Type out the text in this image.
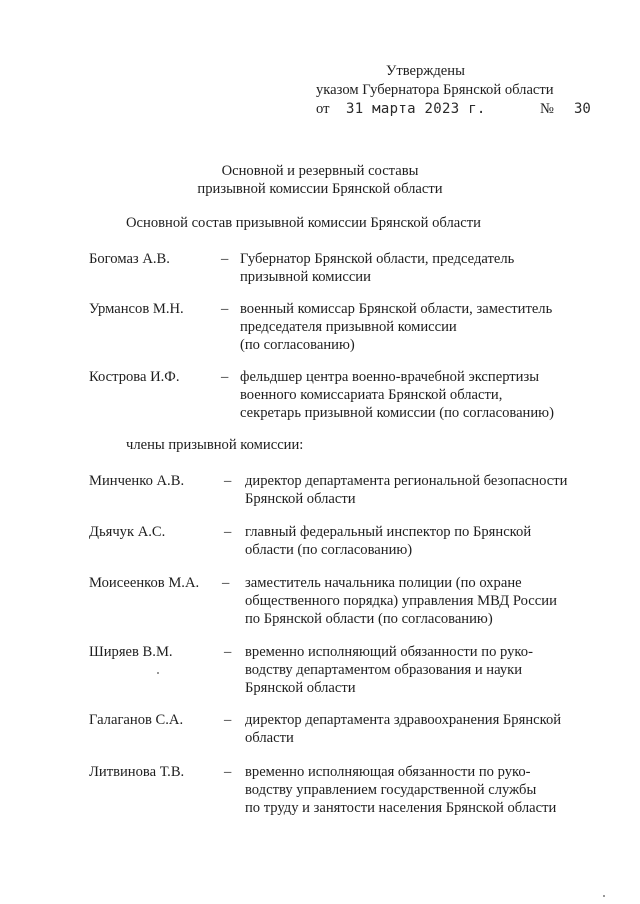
Утверждены
указом Губернатора Брянской области
от	31 марта 2023 г.	№	30
Основной и резервный составы
призывной комиссии Брянской области
Основной состав призывной комиссии Брянской области
Богомаз А.В.	– Губернатор Брянской области, председатель
призывной комиссии
Урмансов М.Н.	– военный комиссар Брянской области, заместитель
председателя призывной комиссии
(по согласованию)
Кострова И.Ф.	– фельдшер центра военно-врачебной экспертизы
военного комиссариата Брянской области,
секретарь призывной комиссии (по согласованию)
члены призывной комиссии:
Минченко А.В.	– директор департамента региональной безопасности
Брянской области
Дьячук А.С.	– главный федеральный инспектор по Брянской
области (по согласованию)
Моисеенков М.А. – заместитель начальника полиции (по охране
общественного порядка) управления МВД России
по Брянской области (по согласованию)
Ширяев В.М.	– временно исполняющий обязанности по руко-
водству департаментом образования и науки
Брянской области
Галаганов С.А.	– директор департамента здравоохранения Брянской
области
Литвинова Т.В.	– временно исполняющая обязанности по руко-
водству управлением государственной службы
по труду и занятости населения Брянской области
